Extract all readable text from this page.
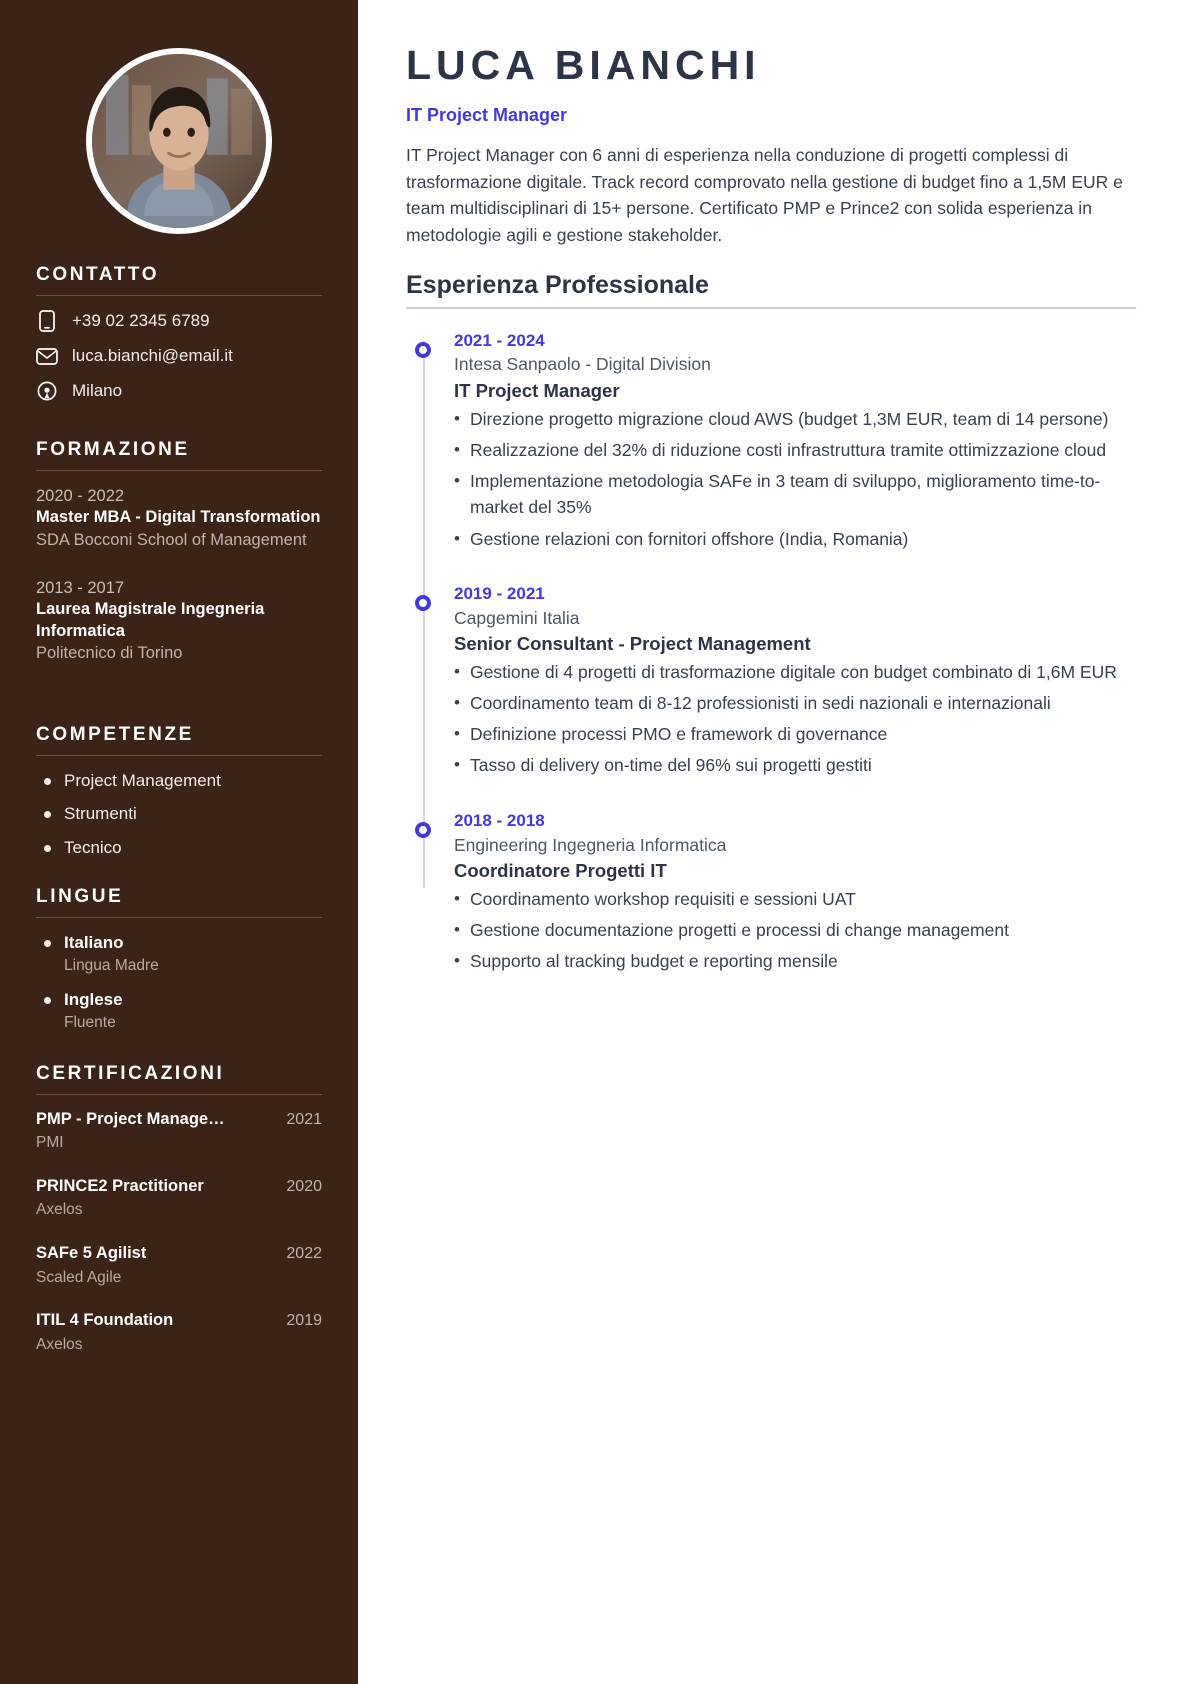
CONTATTO
+39 02 2345 6789
luca.bianchi@email.it
Milano
FORMAZIONE
2020 - 2022
Master MBA - Digital Transformation
SDA Bocconi School of Management
2013 - 2017
Laurea Magistrale Ingegneria Informatica
Politecnico di Torino
COMPETENZE
Project Management
Strumenti
Tecnico
LINGUE
Italiano
Lingua Madre
Inglese
Fluente
CERTIFICAZIONI
PMP - Project Manage…	2021
PMI
PRINCE2 Practitioner	2020
Axelos
SAFe 5 Agilist	2022
Scaled Agile
ITIL 4 Foundation	2019
Axelos
LUCA BIANCHI
IT Project Manager

IT Project Manager con 6 anni di esperienza nella conduzione di progetti complessi di trasformazione digitale. Track record comprovato nella gestione di budget fino a 1,5M EUR e team multidisciplinari di 15+ persone. Certificato PMP e Prince2 con solida esperienza in metodologie agili e gestione stakeholder.

Esperienza Professionale
2021 - 2024
Intesa Sanpaolo - Digital Division
IT Project Manager
• Direzione progetto migrazione cloud AWS (budget 1,3M EUR, team di 14 persone)
• Realizzazione del 32% di riduzione costi infrastruttura tramite ottimizzazione cloud
• Implementazione metodologia SAFe in 3 team di sviluppo, miglioramento time-to-market del 35%
• Gestione relazioni con fornitori offshore (India, Romania)
2019 - 2021
Capgemini Italia
Senior Consultant - Project Management
• Gestione di 4 progetti di trasformazione digitale con budget combinato di 1,6M EUR
• Coordinamento team di 8-12 professionisti in sedi nazionali e internazionali
• Definizione processi PMO e framework di governance
• Tasso di delivery on-time del 96% sui progetti gestiti
2018 - 2018
Engineering Ingegneria Informatica
Coordinatore Progetti IT
• Coordinamento workshop requisiti e sessioni UAT
• Gestione documentazione progetti e processi di change management
• Supporto al tracking budget e reporting mensile
